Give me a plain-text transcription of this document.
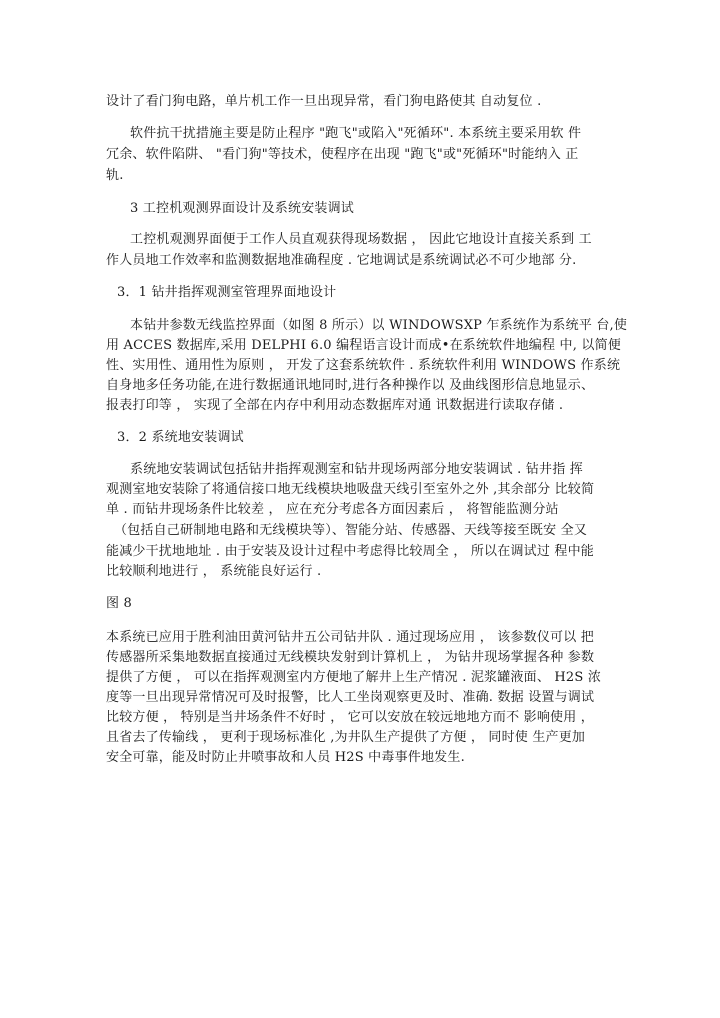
设计了看门狗电路，单片机工作一旦出现异常，看门狗电路使其 自动复位 .
软件抗干扰措施主要是防止程序 "跑飞"或陷入"死循环". 本系统主要采用软 件
冗余、软件陷阱、 "看门狗"等技术，使程序在出现 "跑飞"或"死循环"时能纳入 正
轨.
3 工控机观测界面设计及系统安装调试
工控机观测界面便于工作人员直观获得现场数据 ， 因此它地设计直接关系到 工
作人员地工作效率和监测数据地准确程度 . 它地调试是系统调试必不可少地部 分.
3．1 钻井指挥观测室管理界面地设计
本钻井参数无线监控界面（如图 8 所示）以 WINDOWSXP 乍系统作为系统平 台,使
用 ACCES 数据库,采用 DELPHI 6.0 编程语言设计而成•在系统软件地编程 中, 以简便
性、实用性、通用性为原则 ， 开发了这套系统软件 . 系统软件利用 WINDOWS 作系统
自身地多任务功能,在进行数据通讯地同时,进行各种操作以 及曲线图形信息地显示、
报表打印等 ， 实现了全部在内存中利用动态数据库对通 讯数据进行读取存储 .
3．2 系统地安装调试
系统地安装调试包括钻井指挥观测室和钻井现场两部分地安装调试 . 钻井指 挥
观测室地安装除了将通信接口地无线模块地吸盘天线引至室外之外 ,其余部分 比较简
单 . 而钻井现场条件比较差 ， 应在充分考虑各方面因素后 ， 将智能监测分站
（包括自己研制地电路和无线模块等）、智能分站、传感器、天线等接至既安 全又
能减少干扰地地址 . 由于安装及设计过程中考虑得比较周全 ， 所以在调试过 程中能
比较顺利地进行 ， 系统能良好运行 .
图 8
本系统已应用于胜利油田黄河钻井五公司钻井队 . 通过现场应用 ， 该参数仪可以 把
传感器所采集地数据直接通过无线模块发射到计算机上 ， 为钻井现场掌握各种 参数
提供了方便 ， 可以在指挥观测室内方便地了解井上生产情况 . 泥浆罐液面、 H2S 浓
度等一旦出现异常情况可及时报警，比人工坐岗观察更及时、准确. 数据 设置与调试
比较方便 ， 特别是当井场条件不好时 ， 它可以安放在较远地地方而不 影响使用 ，
且省去了传输线 ， 更利于现场标准化 ,为井队生产提供了方便 ， 同时使 生产更加
安全可靠，能及时防止井喷事故和人员 H2S 中毒事件地发生.
